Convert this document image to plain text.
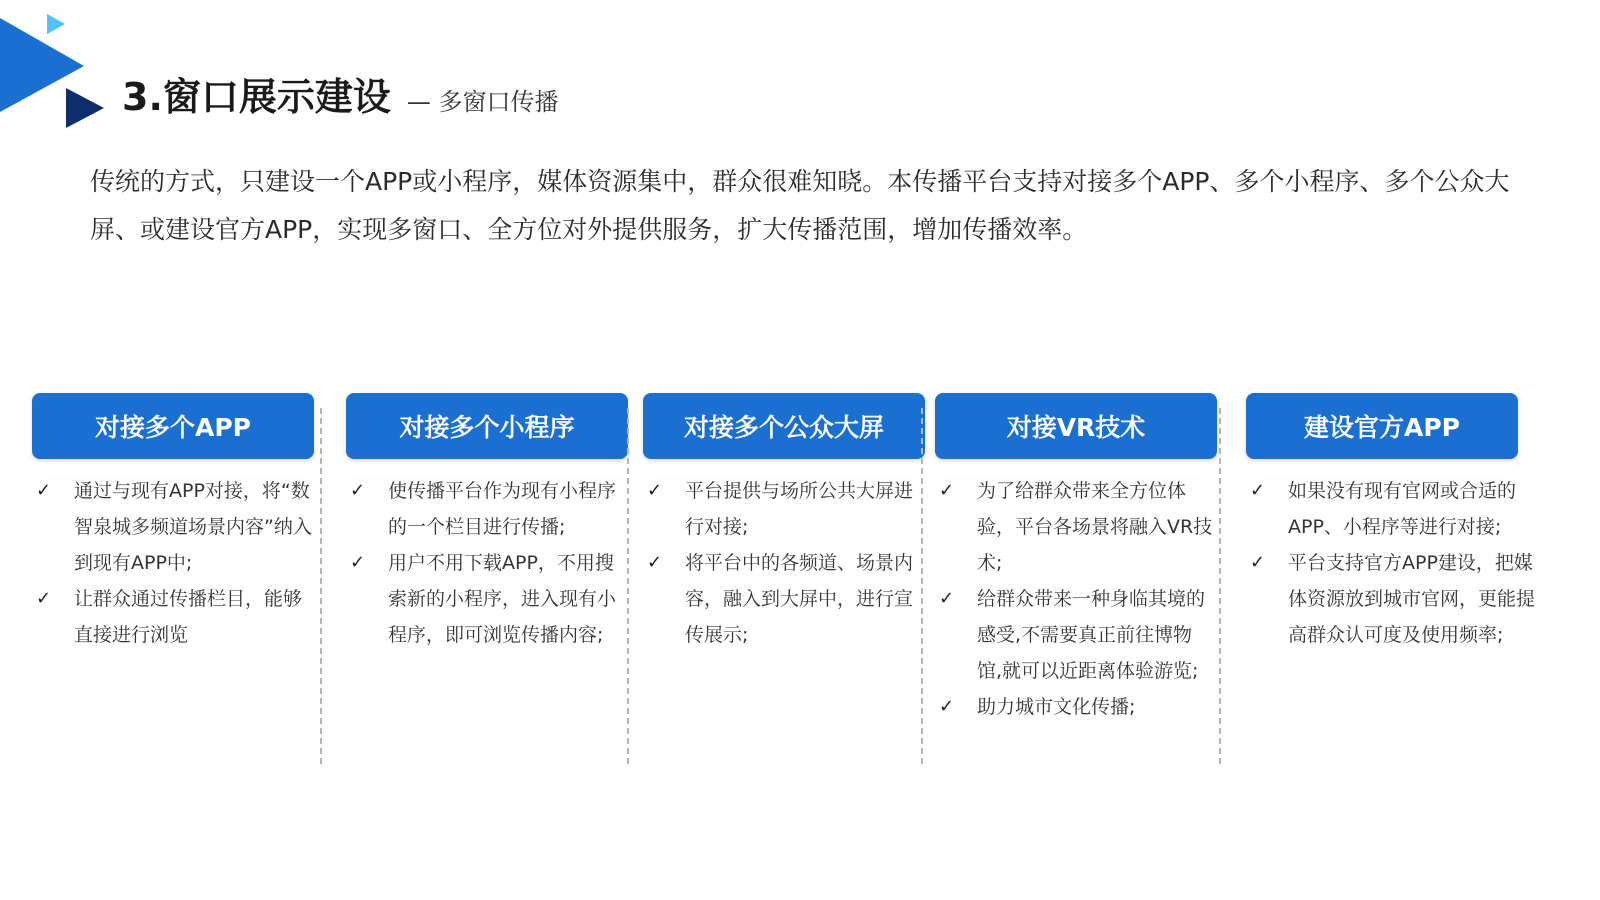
3.窗口展示建设 — 多窗口传播
传统的方式，只建设一个APP或小程序，媒体资源集中，群众很难知晓。本传播平台支持对接多个APP、多个小程序、多个公众大屏、或建设官方APP，实现多窗口、全方位对外提供服务，扩大传播范围，增加传播效率。
对接多个APP
✓	通过与现有APP对接，将“数智泉城多频道场景内容”纳入到现有APP中;
✓	让群众通过传播栏目，能够直接进行浏览
对接多个小程序
✓	使传播平台作为现有小程序的一个栏目进行传播;
✓	用户不用下载APP，不用搜索新的小程序，进入现有小程序，即可浏览传播内容;
对接多个公众大屏
✓	平台提供与场所公共大屏进行对接;
✓	将平台中的各频道、场景内容，融入到大屏中，进行宣传展示;
对接VR技术
✓	为了给群众带来全方位体验，平台各场景将融入VR技术;
✓	给群众带来一种身临其境的感受,不需要真正前往博物馆,就可以近距离体验游览;
✓	助力城市文化传播;
建设官方APP
✓	如果没有现有官网或合适的APP、小程序等进行对接;
✓	平台支持官方APP建设，把媒体资源放到城市官网，更能提高群众认可度及使用频率;
